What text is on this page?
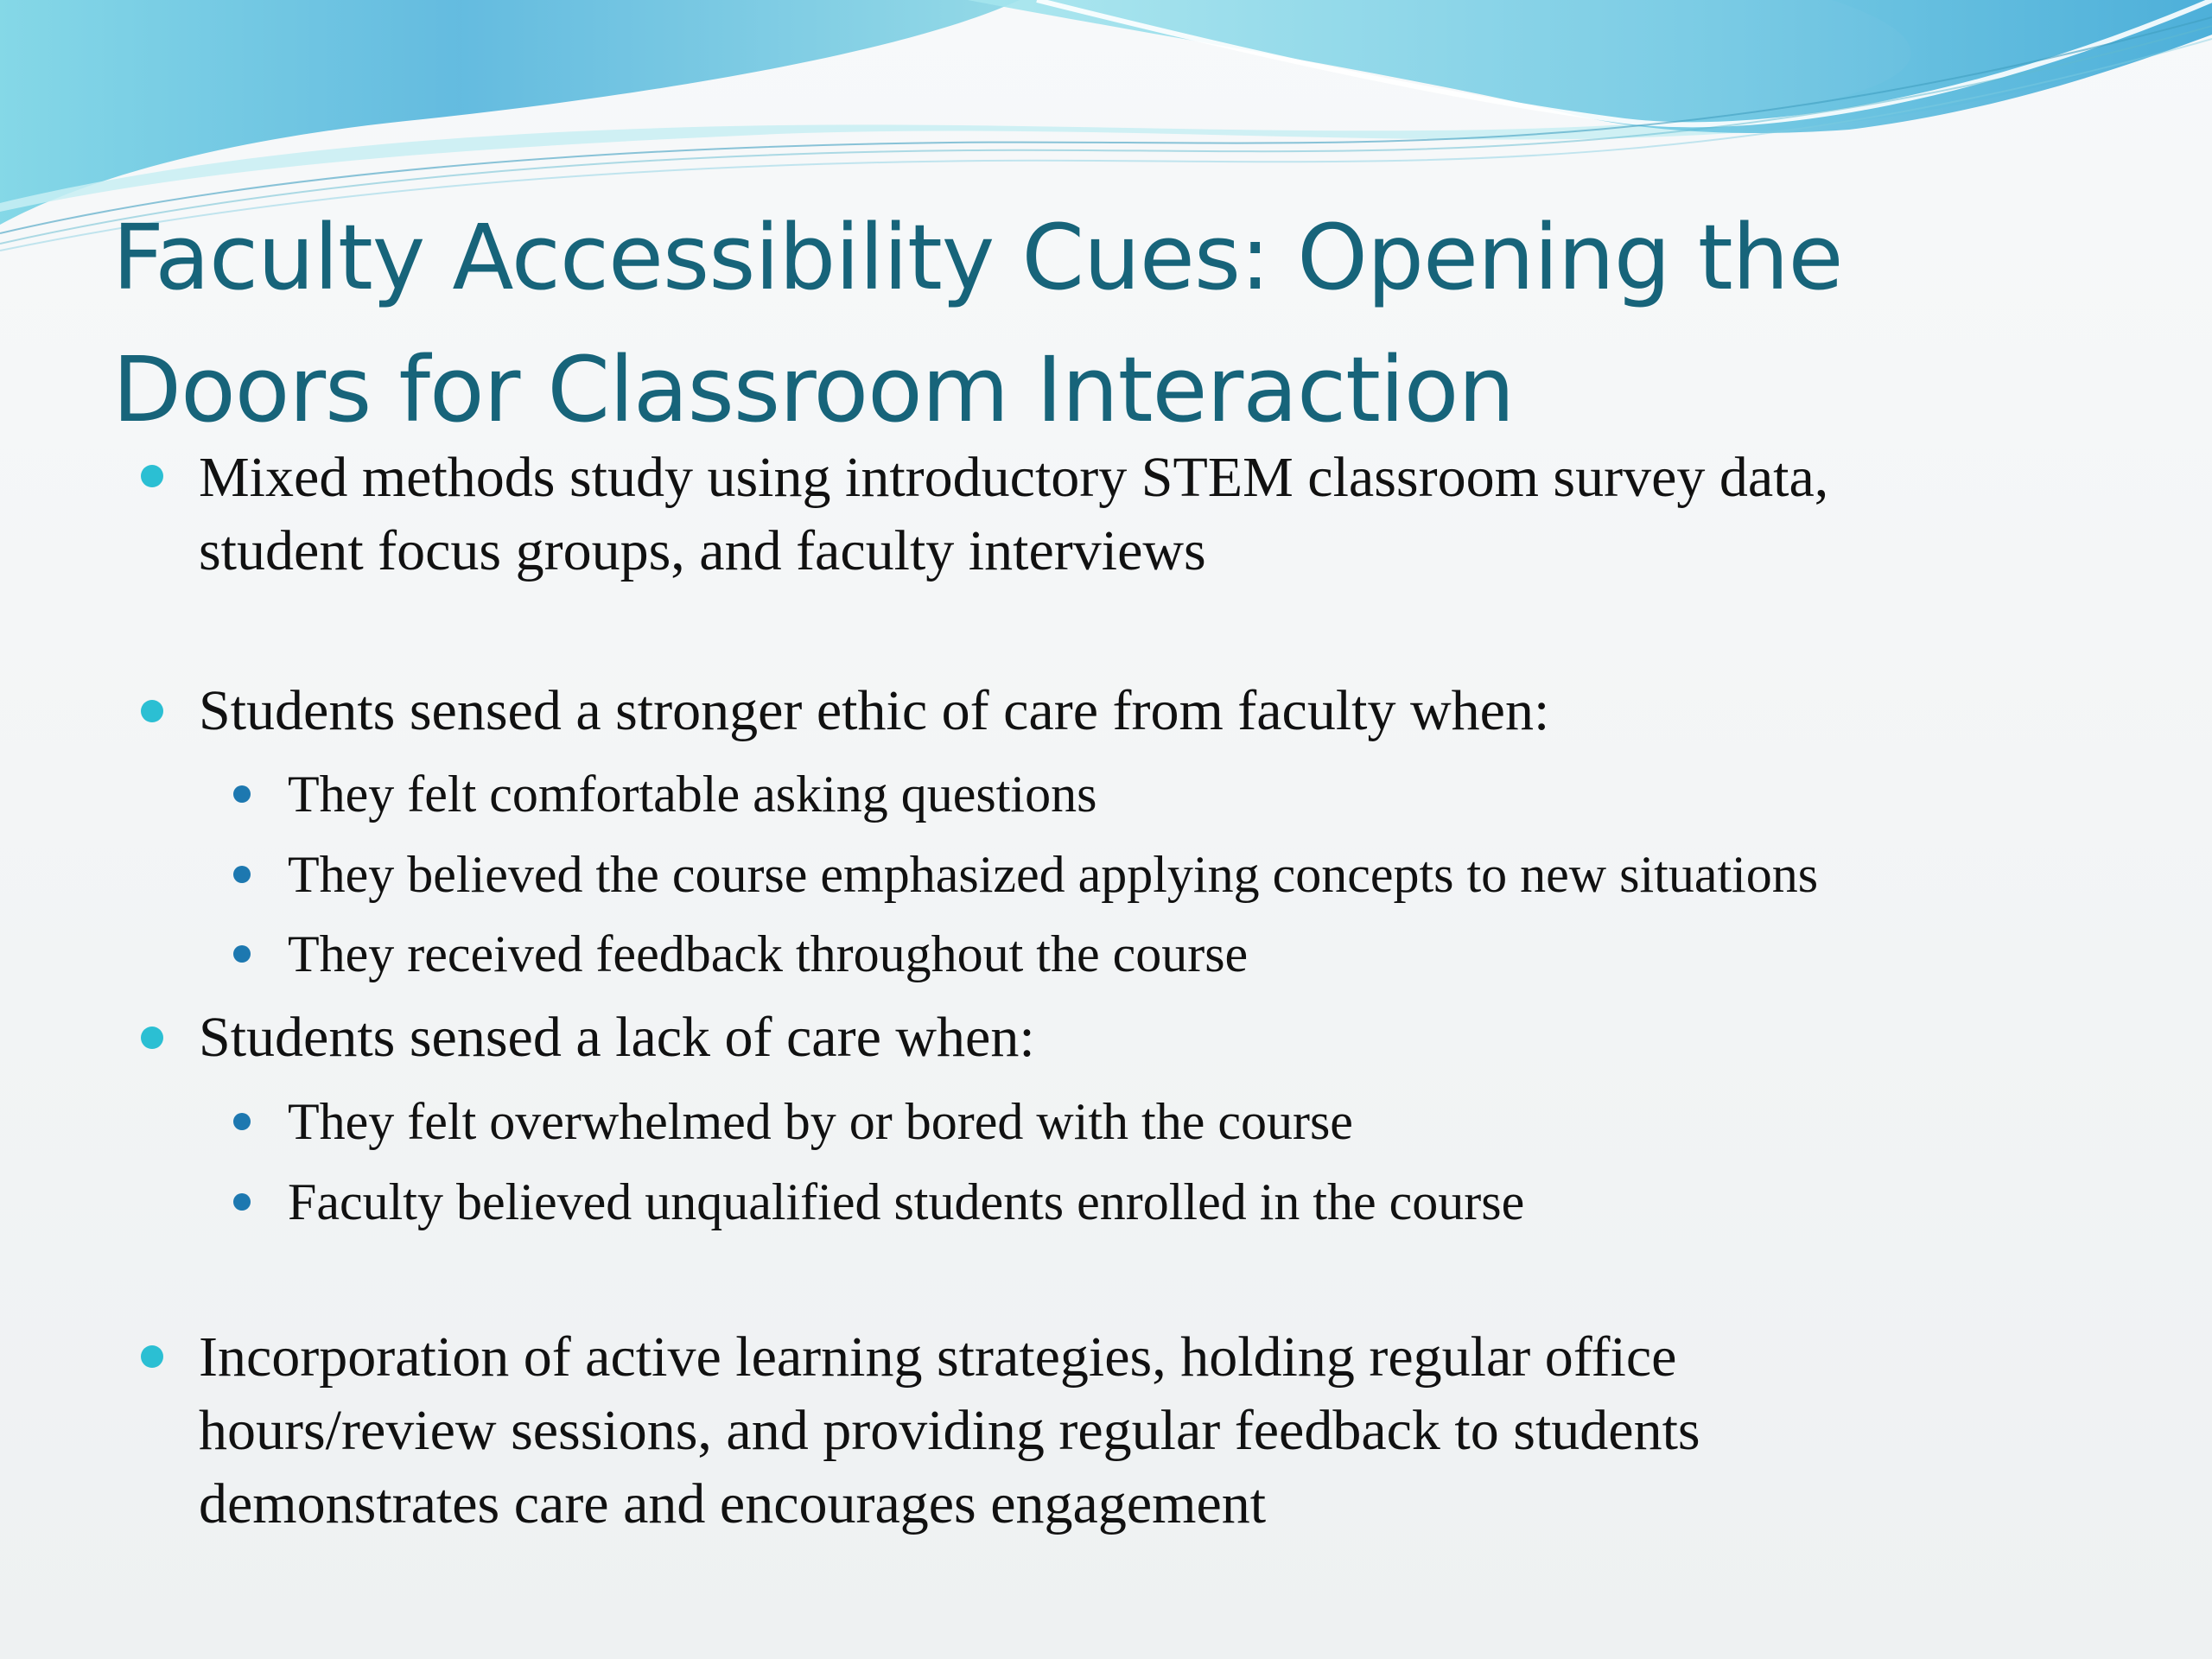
Faculty Accessibility Cues: Opening the
Doors for Classroom Interaction
Mixed methods study using introductory STEM classroom survey data,
student focus groups, and faculty interviews
Students sensed a stronger ethic of care from faculty when:
They felt comfortable asking questions
They believed the course emphasized applying concepts to new situations
They received feedback throughout the course
Students sensed a lack of care when:
They felt overwhelmed by or bored with the course
Faculty believed unqualified students enrolled in the course
Incorporation of active learning strategies, holding regular office
hours/review sessions, and providing regular feedback to students
demonstrates care and encourages engagement
